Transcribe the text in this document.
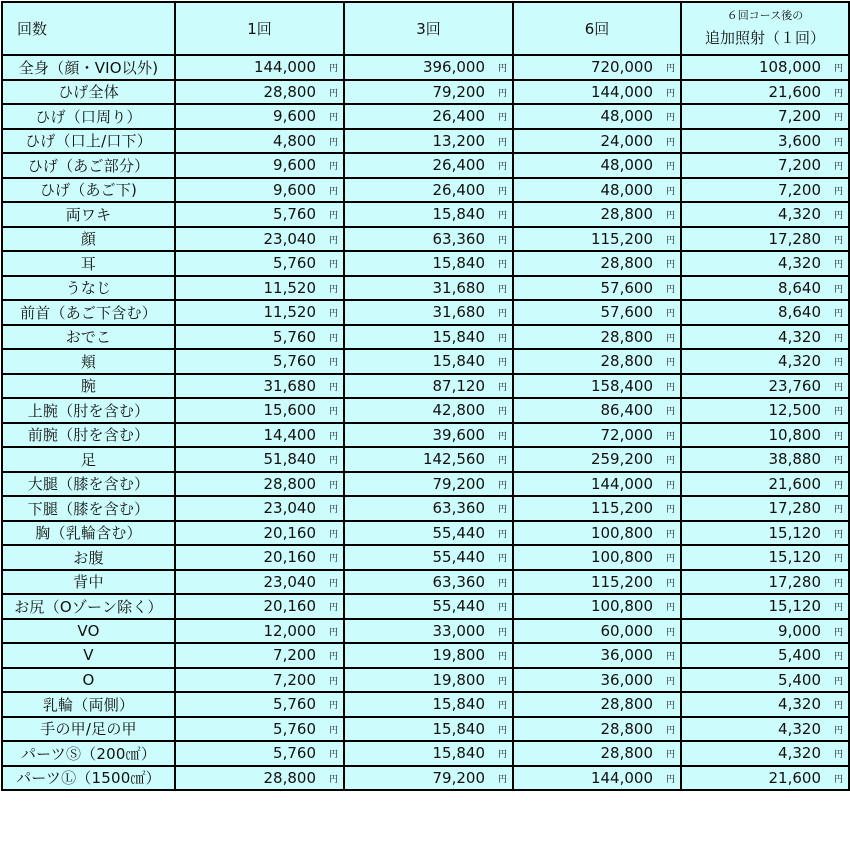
回数	1回	3回	6回	６回コース後の
追加照射（１回）

全身（顔・VIO以外)	144,000 円	396,000 円	720,000 円	108,000 円
ひげ全体	28,800 円	79,200 円	144,000 円	21,600 円
ひげ（口周り）	9,600 円	26,400 円	48,000 円	7,200 円
ひげ（口上/口下）	4,800 円	13,200 円	24,000 円	3,600 円
ひげ（あご部分）	9,600 円	26,400 円	48,000 円	7,200 円
ひげ（あご下)	9,600 円	26,400 円	48,000 円	7,200 円
両ワキ	5,760 円	15,840 円	28,800 円	4,320 円
顔	23,040 円	63,360 円	115,200 円	17,280 円
耳	5,760 円	15,840 円	28,800 円	4,320 円
うなじ	11,520 円	31,680 円	57,600 円	8,640 円
前首（あご下含む）	11,520 円	31,680 円	57,600 円	8,640 円
おでこ	5,760 円	15,840 円	28,800 円	4,320 円
頬	5,760 円	15,840 円	28,800 円	4,320 円
腕	31,680 円	87,120 円	158,400 円	23,760 円
上腕（肘を含む）	15,600 円	42,800 円	86,400 円	12,500 円
前腕（肘を含む）	14,400 円	39,600 円	72,000 円	10,800 円
足	51,840 円	142,560 円	259,200 円	38,880 円
大腿（膝を含む）	28,800 円	79,200 円	144,000 円	21,600 円
下腿（膝を含む）	23,040 円	63,360 円	115,200 円	17,280 円
胸（乳輪含む）	20,160 円	55,440 円	100,800 円	15,120 円
お腹	20,160 円	55,440 円	100,800 円	15,120 円
背中	23,040 円	63,360 円	115,200 円	17,280 円
お尻（Oゾーン除く）	20,160 円	55,440 円	100,800 円	15,120 円
VO	12,000 円	33,000 円	60,000 円	9,000 円
V	7,200 円	19,800 円	36,000 円	5,400 円
O	7,200 円	19,800 円	36,000 円	5,400 円
乳輪（両側）	5,760 円	15,840 円	28,800 円	4,320 円
手の甲/足の甲	5,760 円	15,840 円	28,800 円	4,320 円
パーツⓈ（200㎠）	5,760 円	15,840 円	28,800 円	4,320 円
パーツⓁ（1500㎠）	28,800 円	79,200 円	144,000 円	21,600 円
